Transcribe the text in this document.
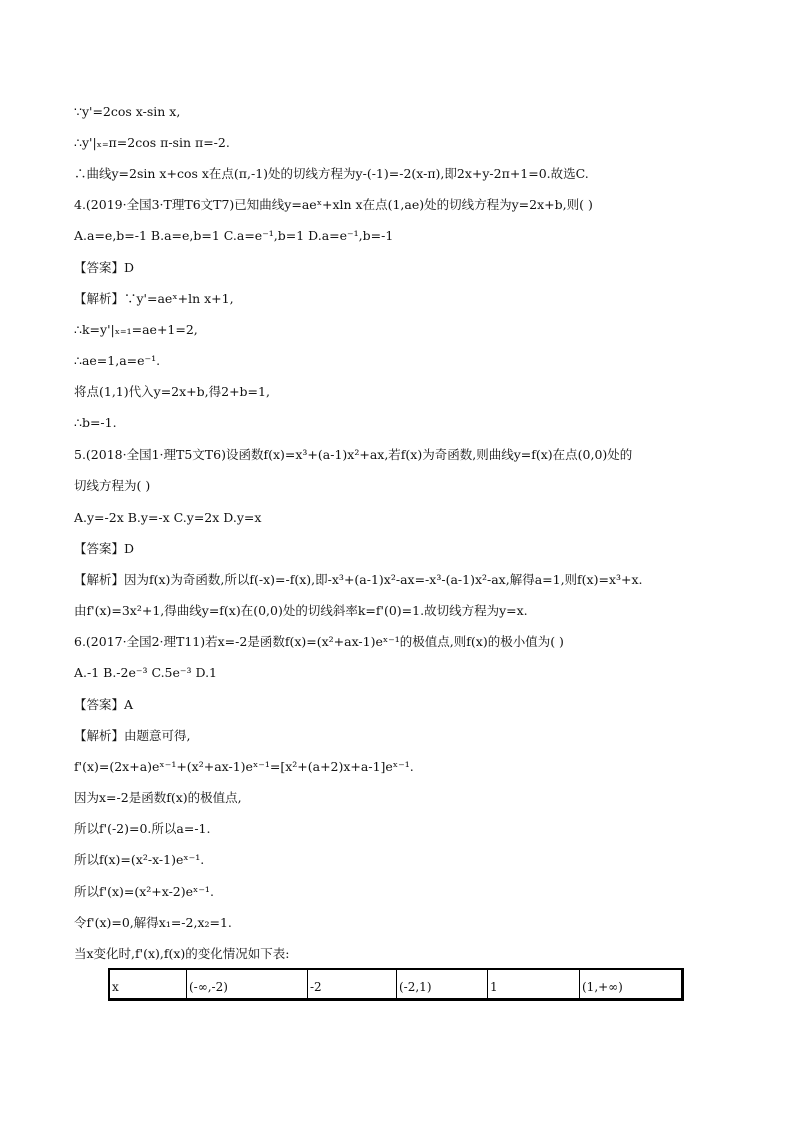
∵y'=2cos x-sin x,
∴y'|ₓ₌π=2cos π-sin π=-2.
∴曲线y=2sin x+cos x在点(π,-1)处的切线方程为y-(-1)=-2(x-π),即2x+y-2π+1=0.故选C.
4.(2019·全国3·T理T6文T7)已知曲线y=aeˣ+xln x在点(1,ae)处的切线方程为y=2x+b,则( )
A.a=e,b=-1 B.a=e,b=1 C.a=e⁻¹,b=1 D.a=e⁻¹,b=-1
【答案】D
【解析】∵y'=aeˣ+ln x+1,
∴k=y'|ₓ₌₁=ae+1=2,
∴ae=1,a=e⁻¹.
将点(1,1)代入y=2x+b,得2+b=1,
∴b=-1.
5.(2018·全国1·理T5文T6)设函数f(x)=x³+(a-1)x²+ax,若f(x)为奇函数,则曲线y=f(x)在点(0,0)处的
切线方程为( )
A.y=-2x B.y=-x C.y=2x D.y=x
【答案】D
【解析】因为f(x)为奇函数,所以f(-x)=-f(x),即-x³+(a-1)x²-ax=-x³-(a-1)x²-ax,解得a=1,则f(x)=x³+x.
由f'(x)=3x²+1,得曲线y=f(x)在(0,0)处的切线斜率k=f'(0)=1.故切线方程为y=x.
6.(2017·全国2·理T11)若x=-2是函数f(x)=(x²+ax-1)eˣ⁻¹的极值点,则f(x)的极小值为( )
A.-1 B.-2e⁻³ C.5e⁻³ D.1
【答案】A
【解析】由题意可得,
f'(x)=(2x+a)eˣ⁻¹+(x²+ax-1)eˣ⁻¹=[x²+(a+2)x+a-1]eˣ⁻¹.
因为x=-2是函数f(x)的极值点,
所以f'(-2)=0.所以a=-1.
所以f(x)=(x²-x-1)eˣ⁻¹.
所以f'(x)=(x²+x-2)eˣ⁻¹.
令f'(x)=0,解得x₁=-2,x₂=1.
当x变化时,f'(x),f(x)的变化情况如下表:
x	(-∞,-2)	-2	(-2,1)	1	(1,+∞)
